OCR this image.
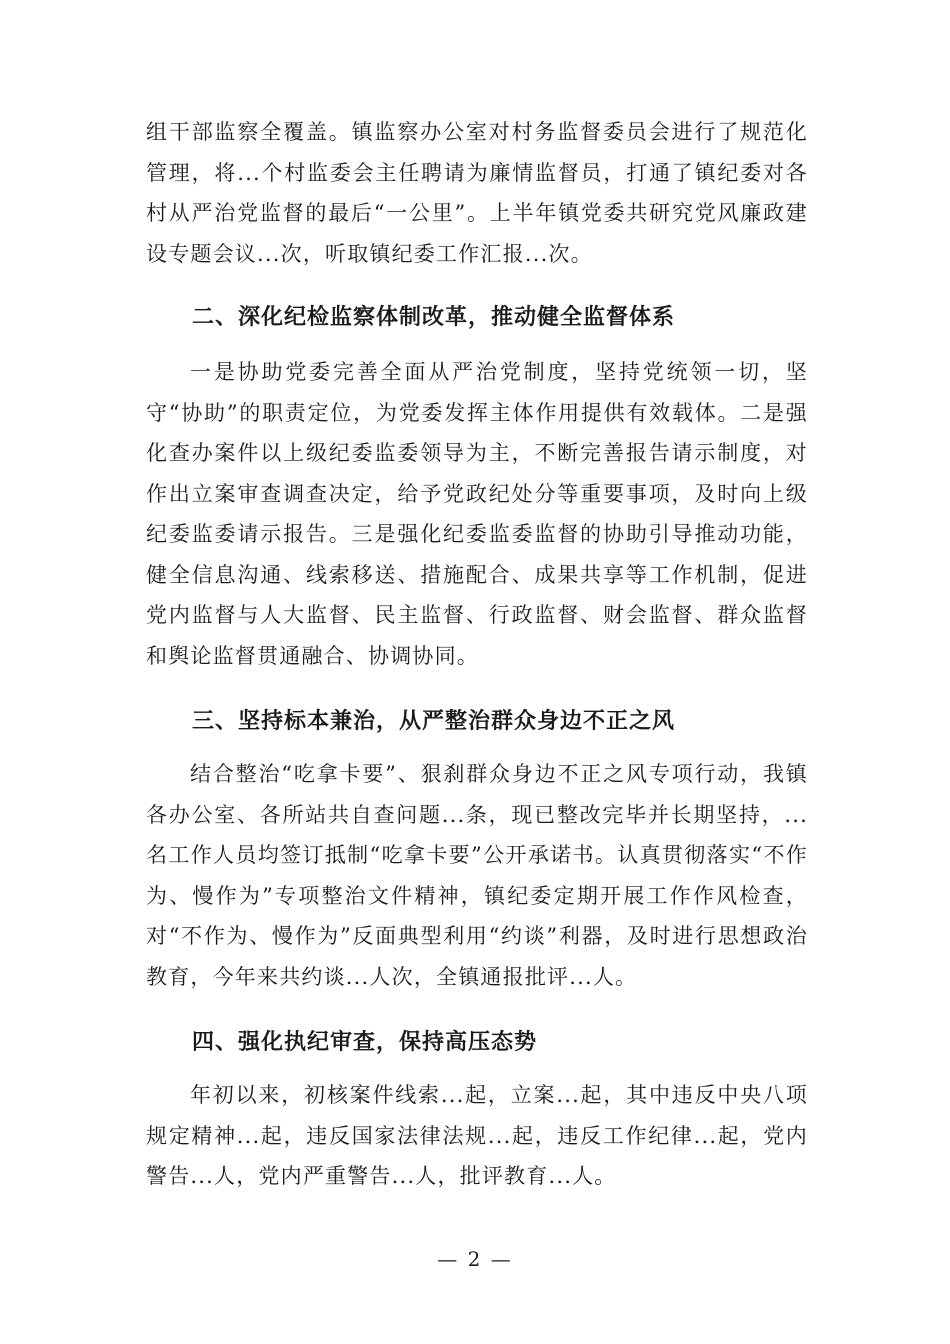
组干部监察全覆盖。镇监察办公室对村务监督委员会进行了规范化管理，将...个村监委会主任聘请为廉情监督员，打通了镇纪委对各村从严治党监督的最后“一公里”。上半年镇党委共研究党风廉政建设专题会议...次，听取镇纪委工作汇报...次。

二、深化纪检监察体制改革，推动健全监督体系

一是协助党委完善全面从严治党制度，坚持党统领一切，坚守“协助”的职责定位，为党委发挥主体作用提供有效载体。二是强化查办案件以上级纪委监委领导为主，不断完善报告请示制度，对作出立案审查调查决定，给予党政纪处分等重要事项，及时向上级纪委监委请示报告。三是强化纪委监委监督的协助引导推动功能，健全信息沟通、线索移送、措施配合、成果共享等工作机制，促进党内监督与人大监督、民主监督、行政监督、财会监督、群众监督和舆论监督贯通融合、协调协同。

三、坚持标本兼治，从严整治群众身边不正之风

结合整治“吃拿卡要”、狠刹群众身边不正之风专项行动，我镇各办公室、各所站共自查问题...条，现已整改完毕并长期坚持，...名工作人员均签订抵制“吃拿卡要”公开承诺书。认真贯彻落实“不作为、慢作为”专项整治文件精神，镇纪委定期开展工作作风检查，对“不作为、慢作为”反面典型利用“约谈”利器，及时进行思想政治教育，今年来共约谈...人次，全镇通报批评...人。

四、强化执纪审查，保持高压态势

年初以来，初核案件线索...起，立案...起，其中违反中央八项规定精神...起，违反国家法律法规...起，违反工作纪律...起，党内警告...人，党内严重警告...人，批评教育...人。

— 2 —
